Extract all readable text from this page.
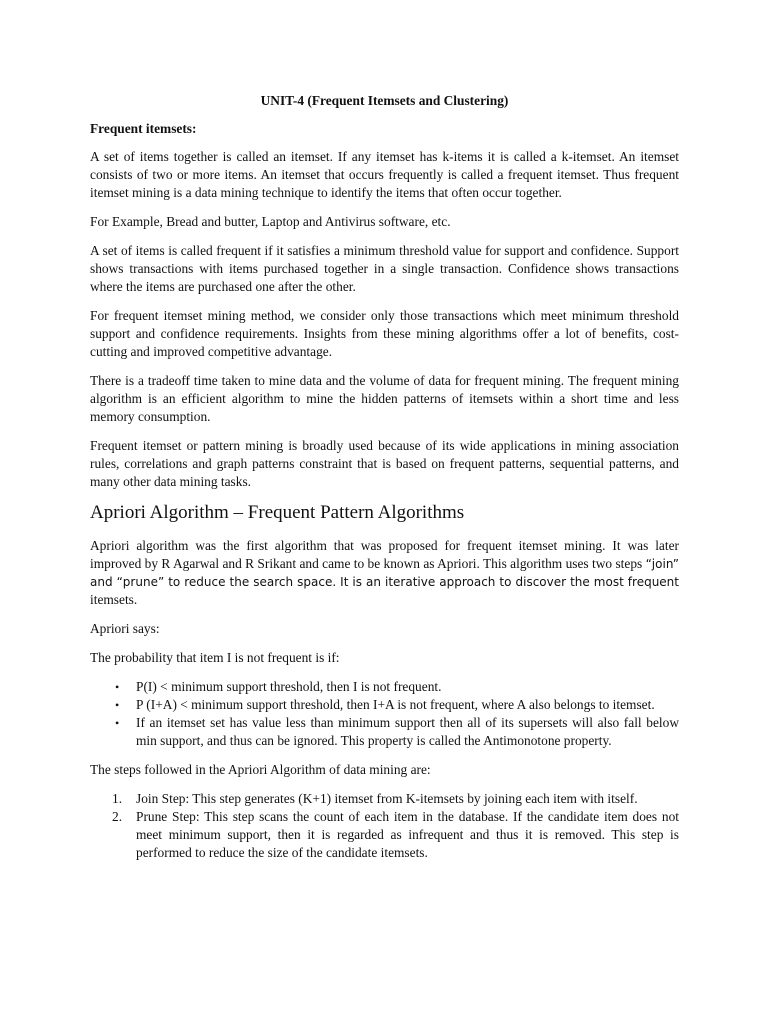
UNIT-4 (Frequent Itemsets and Clustering)
Frequent itemsets:

A set of items together is called an itemset. If any itemset has k-items it is called a k-itemset. An itemset consists of two or more items. An itemset that occurs frequently is called a frequent itemset. Thus frequent itemset mining is a data mining technique to identify the items that often occur together.

For Example, Bread and butter, Laptop and Antivirus software, etc.

A set of items is called frequent if it satisfies a minimum threshold value for support and confidence. Support shows transactions with items purchased together in a single transaction. Confidence shows transactions where the items are purchased one after the other.

For frequent itemset mining method, we consider only those transactions which meet minimum threshold support and confidence requirements. Insights from these mining algorithms offer a lot of benefits, cost-cutting and improved competitive advantage.

There is a tradeoff time taken to mine data and the volume of data for frequent mining. The frequent mining algorithm is an efficient algorithm to mine the hidden patterns of itemsets within a short time and less memory consumption.

Frequent itemset or pattern mining is broadly used because of its wide applications in mining association rules, correlations and graph patterns constraint that is based on frequent patterns, sequential patterns, and many other data mining tasks.

Apriori Algorithm – Frequent Pattern Algorithms

Apriori algorithm was the first algorithm that was proposed for frequent itemset mining. It was later improved by R Agarwal and R Srikant and came to be known as Apriori. This algorithm uses two steps “join” and “prune” to reduce the search space. It is an iterative approach to discover the most frequent itemsets.

Apriori says:

The probability that item I is not frequent is if:

• P(I) < minimum support threshold, then I is not frequent.
• P (I+A) < minimum support threshold, then I+A is not frequent, where A also belongs to itemset.
• If an itemset set has value less than minimum support then all of its supersets will also fall below min support, and thus can be ignored. This property is called the Antimonotone property.

The steps followed in the Apriori Algorithm of data mining are:

1. Join Step: This step generates (K+1) itemset from K-itemsets by joining each item with itself.
2. Prune Step: This step scans the count of each item in the database. If the candidate item does not meet minimum support, then it is regarded as infrequent and thus it is removed. This step is performed to reduce the size of the candidate itemsets.
